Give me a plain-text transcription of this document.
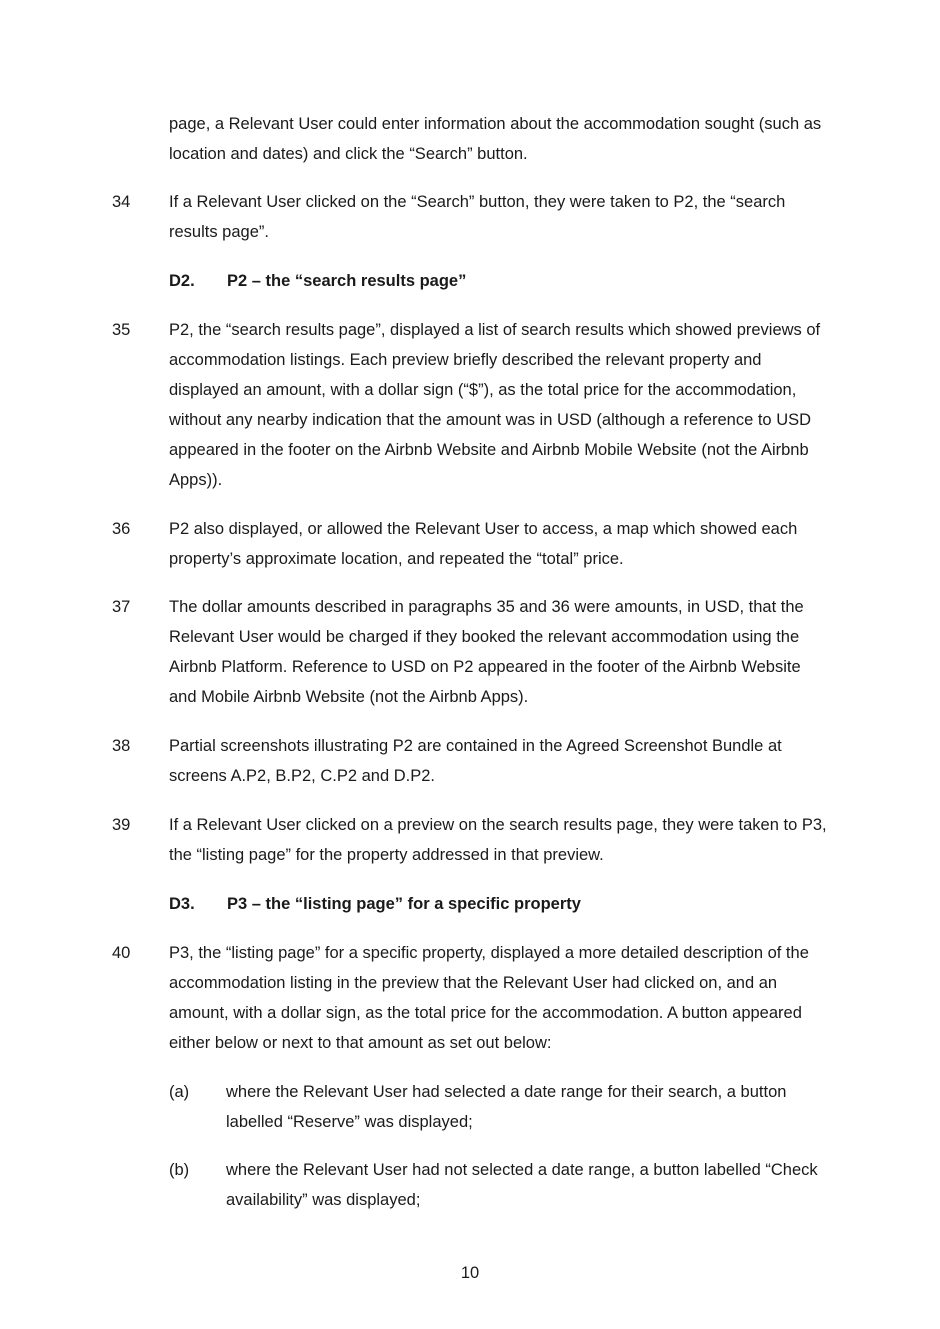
page, a Relevant User could enter information about the accommodation sought (such as location and dates) and click the “Search” button.

34 If a Relevant User clicked on the “Search” button, they were taken to P2, the “search results page”.

D2. P2 – the “search results page”
35 P2, the “search results page”, displayed a list of search results which showed previews of accommodation listings. Each preview briefly described the relevant property and displayed an amount, with a dollar sign (“$”), as the total price for the accommodation, without any nearby indication that the amount was in USD (although a reference to USD appeared in the footer on the Airbnb Website and Airbnb Mobile Website (not the Airbnb Apps)).

36 P2 also displayed, or allowed the Relevant User to access, a map which showed each property’s approximate location, and repeated the “total” price.

37 The dollar amounts described in paragraphs 35 and 36 were amounts, in USD, that the Relevant User would be charged if they booked the relevant accommodation using the Airbnb Platform. Reference to USD on P2 appeared in the footer of the Airbnb Website and Mobile Airbnb Website (not the Airbnb Apps).

38 Partial screenshots illustrating P2 are contained in the Agreed Screenshot Bundle at screens A.P2, B.P2, C.P2 and D.P2.

39 If a Relevant User clicked on a preview on the search results page, they were taken to P3, the “listing page” for the property addressed in that preview.

D3. P3 – the “listing page” for a specific property
40 P3, the “listing page” for a specific property, displayed a more detailed description of the accommodation listing in the preview that the Relevant User had clicked on, and an amount, with a dollar sign, as the total price for the accommodation. A button appeared either below or next to that amount as set out below:

(a) where the Relevant User had selected a date range for their search, a button labelled “Reserve” was displayed;

(b) where the Relevant User had not selected a date range, a button labelled “Check availability” was displayed;

10
